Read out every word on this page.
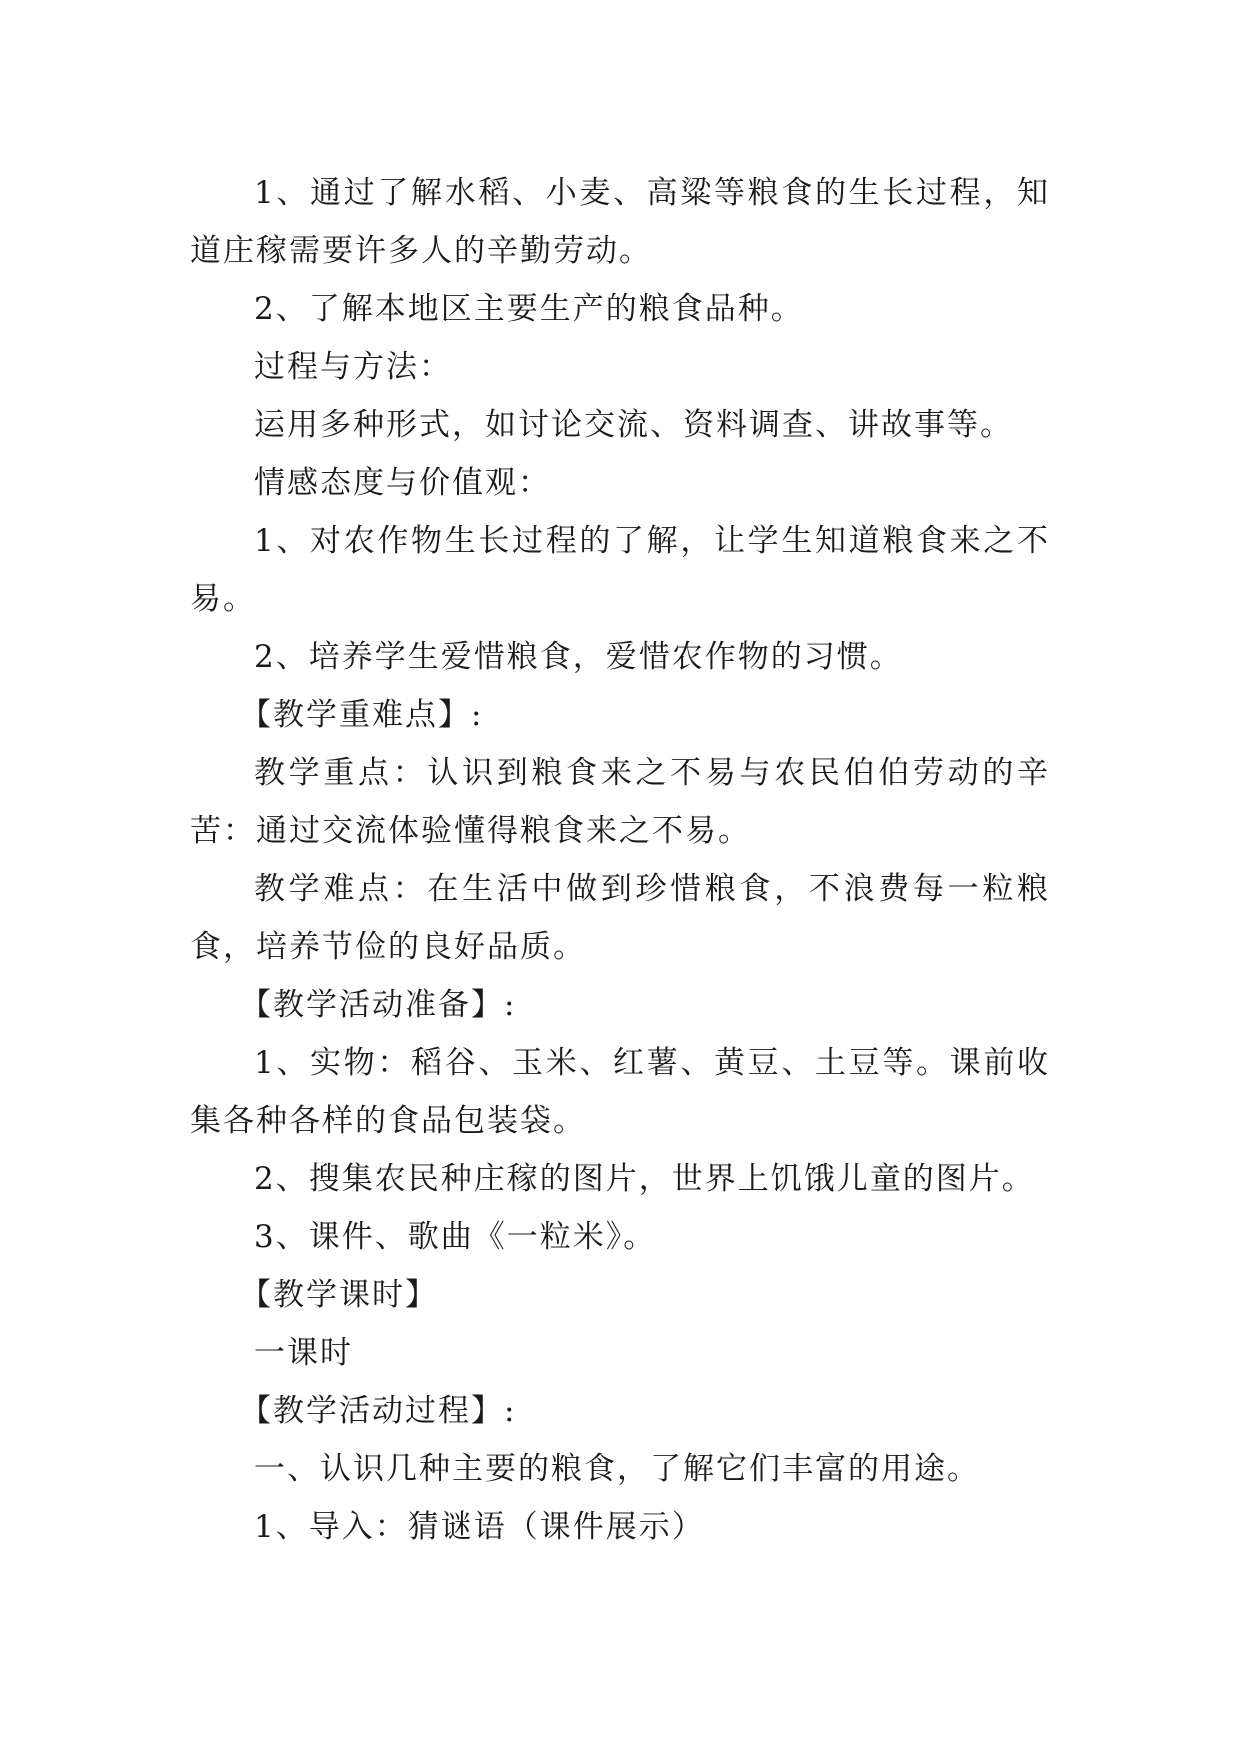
1、通过了解水稻、小麦、高粱等粮食的生长过程，知道庄稼需要许多人的辛勤劳动。

2、了解本地区主要生产的粮食品种。

过程与方法：

运用多种形式，如讨论交流、资料调查、讲故事等。

情感态度与价值观：

1、对农作物生长过程的了解，让学生知道粮食来之不易。

2、培养学生爱惜粮食，爱惜农作物的习惯。

【教学重难点】:

教学重点：认识到粮食来之不易与农民伯伯劳动的辛苦：通过交流体验懂得粮食来之不易。

教学难点：在生活中做到珍惜粮食，不浪费每一粒粮食，培养节俭的良好品质。

【教学活动准备】:

1、实物：稻谷、玉米、红薯、黄豆、土豆等。课前收集各种各样的食品包装袋。

2、搜集农民种庄稼的图片，世界上饥饿儿童的图片。

3、课件、歌曲《一粒米》。

【教学课时】

一课时

【教学活动过程】:

一、认识几种主要的粮食，了解它们丰富的用途。

1、导入：猜谜语（课件展示）
